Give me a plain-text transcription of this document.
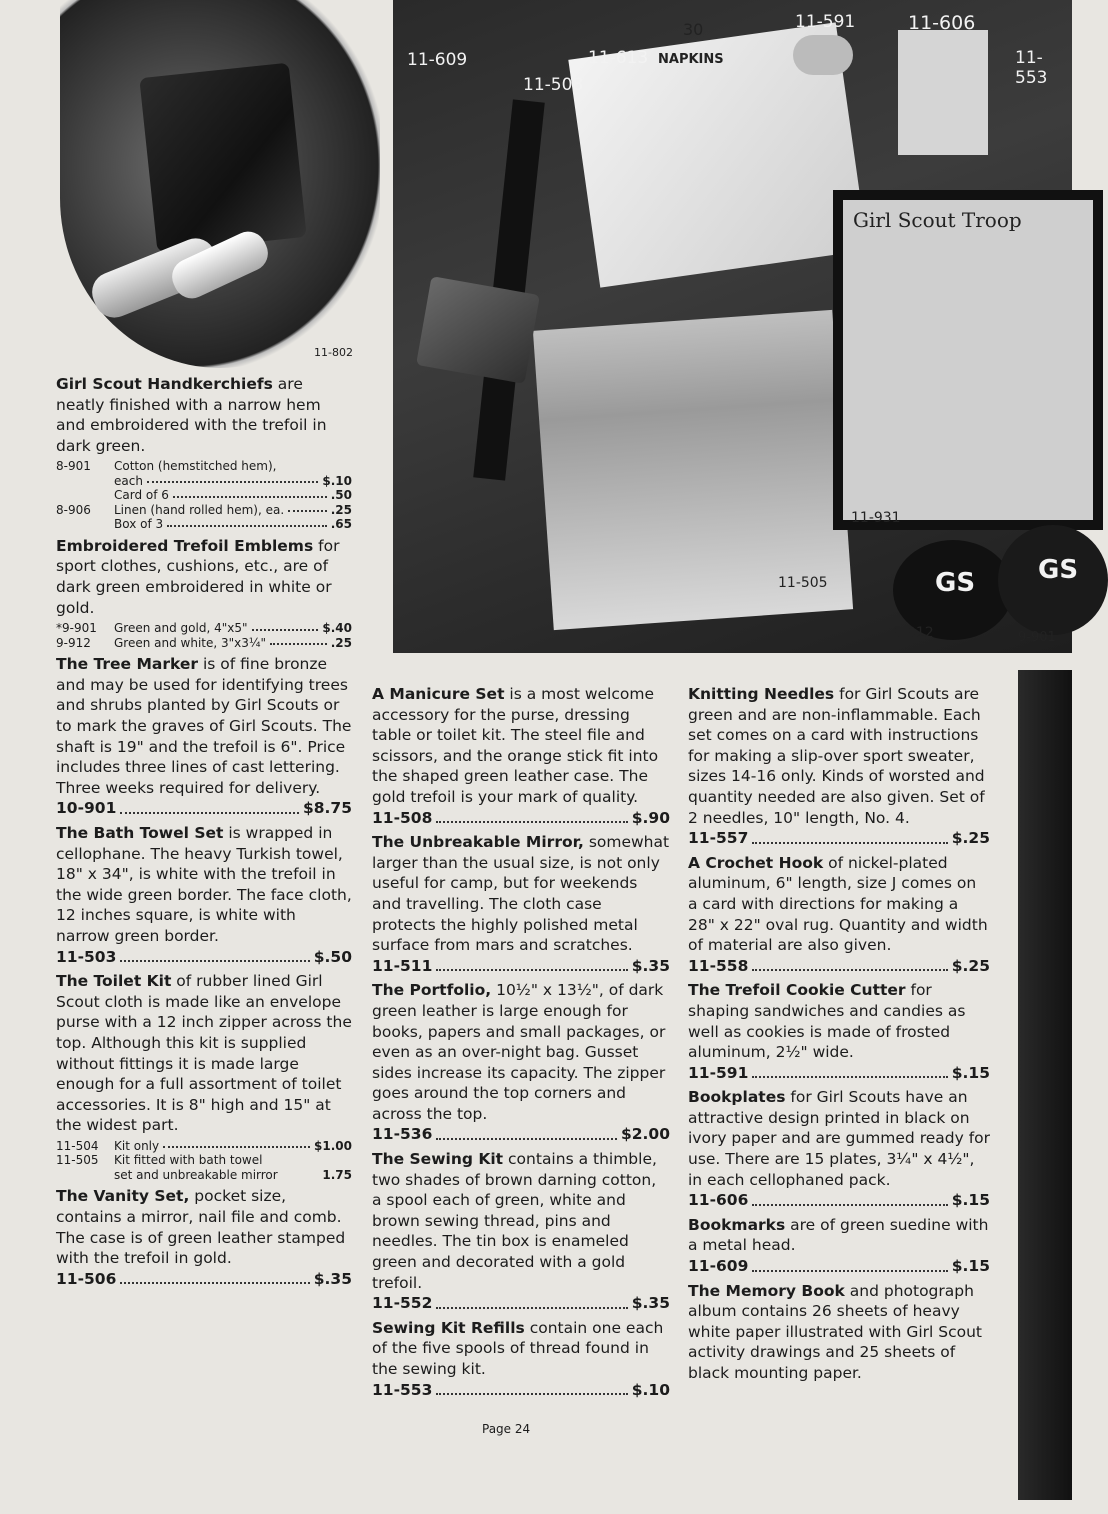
11-802
Girl Scout Troop
GS GS
11-609	11-613
11-508
30
NAPKINS
11-591	11-606
11-553
11-931
11-505
9-912	9-901

Girl Scout Handkerchiefs are neatly finished with a narrow hem and embroidered with the trefoil in dark green.

8-901	Cotton (hemstitched hem),
each	$.10
Card of 6	.50
8-906	Linen (hand rolled hem), ea.	.25
Box of 3	.65

Embroidered Trefoil Emblems for sport clothes, cushions, etc., are of dark green embroidered in white or gold.

*9-901	Green and gold, 4"x5"	$.40
9-912	Green and white, 3"x3¼"	.25

The Tree Marker is of fine bronze and may be used for identifying trees and shrubs planted by Girl Scouts or to mark the graves of Girl Scouts. The shaft is 19" and the trefoil is 6". Price includes three lines of cast lettering. Three weeks required for delivery.

10-901	$8.75

The Bath Towel Set is wrapped in cellophane. The heavy Turkish towel, 18" x 34", is white with the trefoil in the wide green border. The face cloth, 12 inches square, is white with narrow green border.

11-503	$.50

The Toilet Kit of rubber lined Girl Scout cloth is made like an envelope purse with a 12 inch zipper across the top. Although this kit is supplied without fittings it is made large enough for a full assortment of toilet accessories. It is 8" high and 15" at the widest part.

11-504	Kit only	$1.00
11-505	Kit fitted with bath towel
set and unbreakable mirror	1.75

The Vanity Set, pocket size, contains a mirror, nail file and comb. The case is of green leather stamped with the trefoil in gold.

11-506	$.35

A Manicure Set is a most welcome accessory for the purse, dressing table or toilet kit. The steel file and scissors, and the orange stick fit into the shaped green leather case. The gold trefoil is your mark of quality.

11-508	$.90

The Unbreakable Mirror, somewhat larger than the usual size, is not only useful for camp, but for weekends and travelling. The cloth case protects the highly polished metal surface from mars and scratches.

11-511	$.35

The Portfolio, 10½" x 13½", of dark green leather is large enough for books, papers and small packages, or even as an over-night bag. Gusset sides increase its capacity. The zipper goes around the top corners and across the top.

11-536	$2.00

The Sewing Kit contains a thimble, two shades of brown darning cotton, a spool each of green, white and brown sewing thread, pins and needles. The tin box is enameled green and decorated with a gold trefoil.

11-552	$.35

Sewing Kit Refills contain one each of the five spools of thread found in the sewing kit.

11-553	$.10

Knitting Needles for Girl Scouts are green and are non-inflammable. Each set comes on a card with instructions for making a slip-over sport sweater, sizes 14-16 only. Kinds of worsted and quantity needed are also given. Set of 2 needles, 10" length, No. 4.

11-557	$.25

A Crochet Hook of nickel-plated aluminum, 6" length, size J comes on a card with directions for making a 28" x 22" oval rug. Quantity and width of material are also given.

11-558	$.25

The Trefoil Cookie Cutter for shaping sandwiches and candies as well as cookies is made of frosted aluminum, 2½" wide.

11-591	$.15

Bookplates for Girl Scouts have an attractive design printed in black on ivory paper and are gummed ready for use. There are 15 plates, 3¼" x 4½", in each cellophaned pack.

11-606	$.15

Bookmarks are of green suedine with a metal head.

11-609	$.15

The Memory Book and photograph album contains 26 sheets of heavy white paper illustrated with Girl Scout activity drawings and 25 sheets of black mounting paper.

Page 24
